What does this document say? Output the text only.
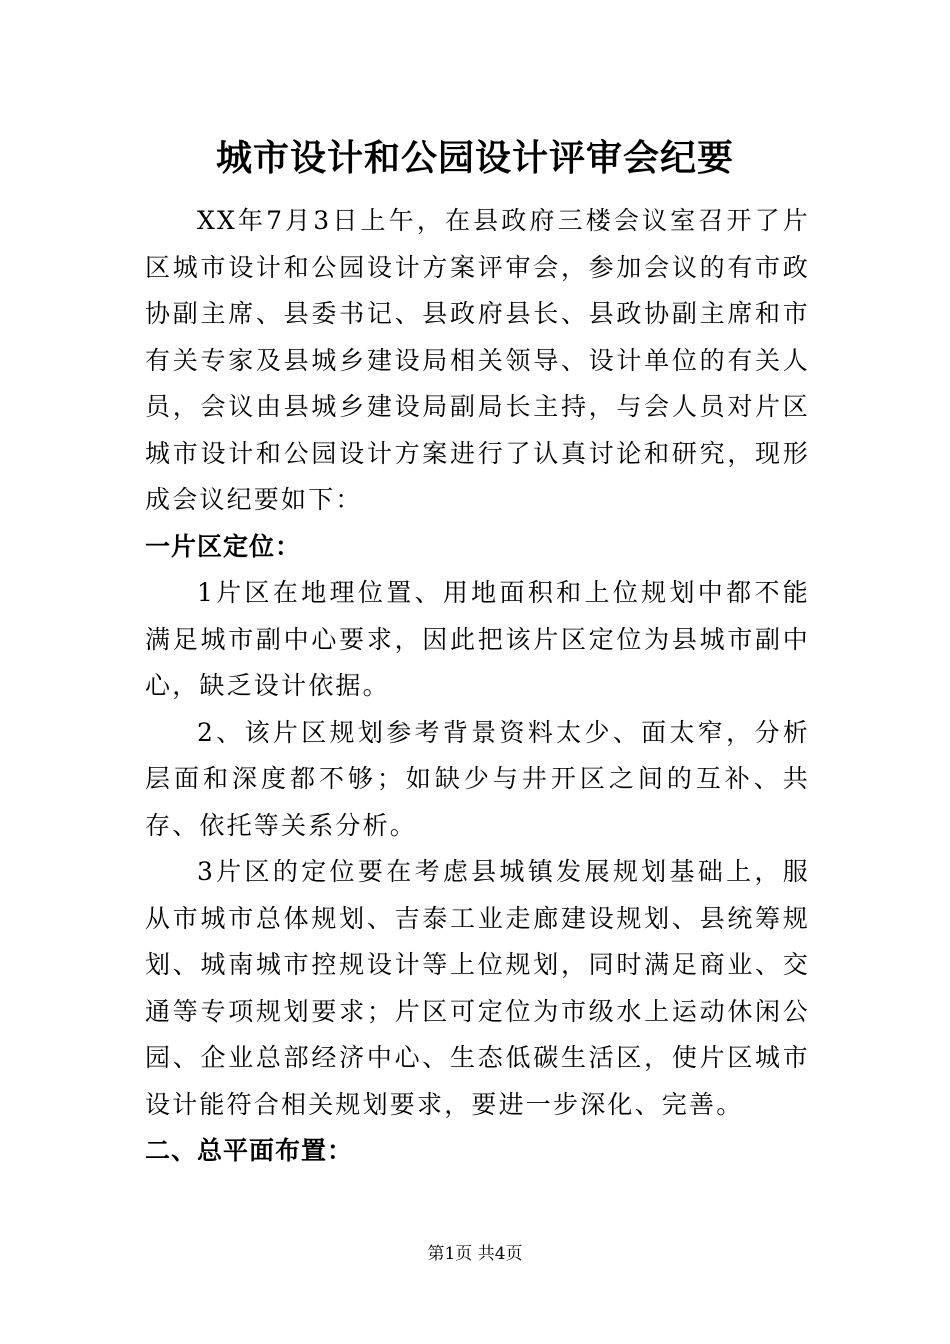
城市设计和公园设计评审会纪要

XX年7月3日上午，在县政府三楼会议室召开了片区城市设计和公园设计方案评审会，参加会议的有市政协副主席、县委书记、县政府县长、县政协副主席和市有关专家及县城乡建设局相关领导、设计单位的有关人员，会议由县城乡建设局副局长主持，与会人员对片区城市设计和公园设计方案进行了认真讨论和研究，现形成会议纪要如下：

一片区定位：

1片区在地理位置、用地面积和上位规划中都不能满足城市副中心要求，因此把该片区定位为县城市副中心，缺乏设计依据。

2、该片区规划参考背景资料太少、面太窄，分析层面和深度都不够；如缺少与井开区之间的互补、共存、依托等关系分析。

3片区的定位要在考虑县城镇发展规划基础上，服从市城市总体规划、吉泰工业走廊建设规划、县统筹规划、城南城市控规设计等上位规划，同时满足商业、交通等专项规划要求；片区可定位为市级水上运动休闲公园、企业总部经济中心、生态低碳生活区，使片区城市设计能符合相关规划要求，要进一步深化、完善。

二、总平面布置：

第1页 共4页
